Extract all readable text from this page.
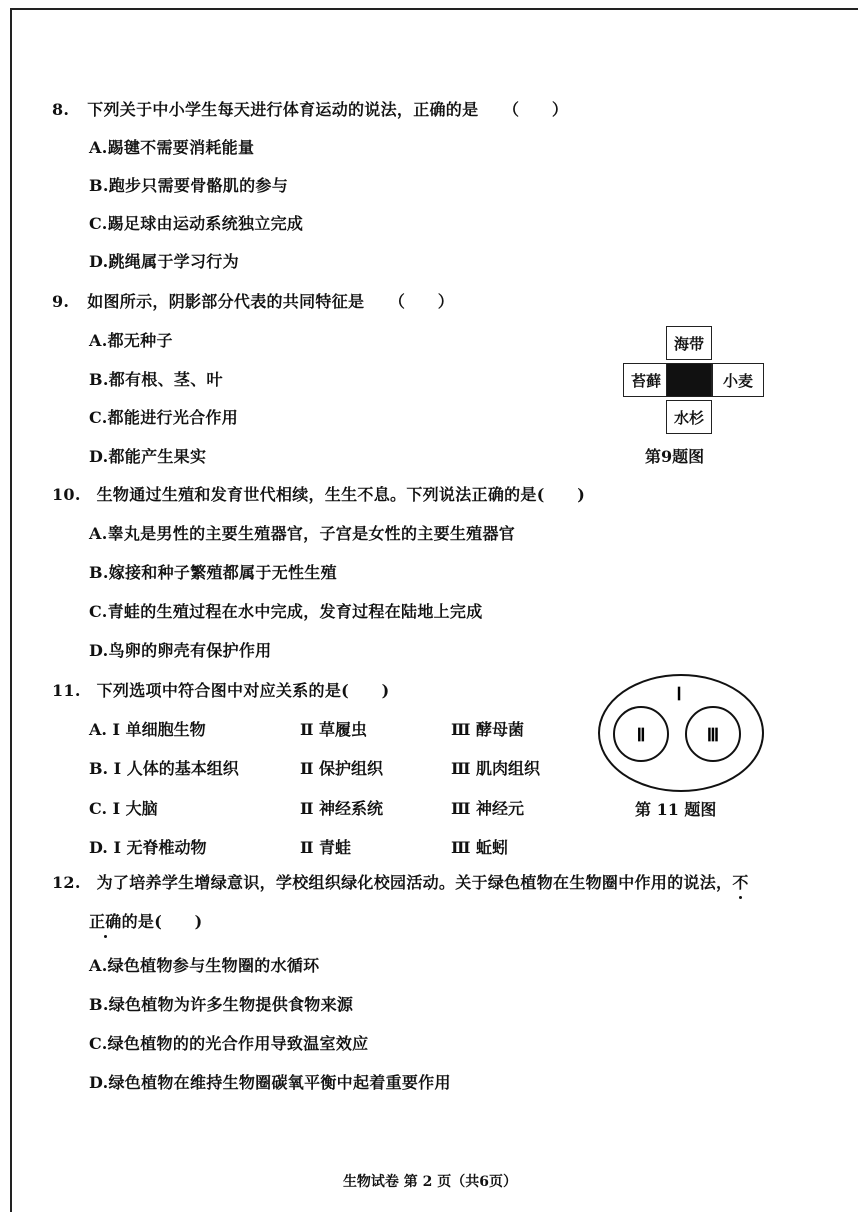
8. 下列关于中小学生每天进行体育运动的说法，正确的是　　（　　）
A.踢毽不需要消耗能量
B.跑步只需要骨骼肌的参与
C.踢足球由运动系统独立完成
D.跳绳属于学习行为
9. 如图所示，阴影部分代表的共同特征是　　（　　）
A.都无种子
B.都有根、茎、叶
C.都能进行光合作用
D.都能产生果实
海带
苔藓	小麦
水杉
第9题图
10. 生物通过生殖和发育世代相续，生生不息。下列说法正确的是(　　)
A.睾丸是男性的主要生殖器官，子宫是女性的主要生殖器官
B.嫁接和种子繁殖都属于无性生殖
C.青蛙的生殖过程在水中完成，发育过程在陆地上完成
D.鸟卵的卵壳有保护作用
11. 下列选项中符合图中对应关系的是(　　)
A. Ⅰ 单细胞生物	Ⅱ 草履虫	Ⅲ 酵母菌
B. Ⅰ 人体的基本组织	Ⅱ 保护组织	Ⅲ 肌肉组织
C. Ⅰ 大脑	Ⅱ 神经系统	Ⅲ 神经元
D. Ⅰ 无脊椎动物	Ⅱ 青蛙	Ⅲ 蚯蚓
Ⅰ
Ⅱ	Ⅲ
第 11 题图
12. 为了培养学生增绿意识，学校组织绿化校园活动。关于绿色植物在生物圈中作用的说法，不
正确的是(　　)
A.绿色植物参与生物圈的水循环
B.绿色植物为许多生物提供食物来源
C.绿色植物的的光合作用导致温室效应
D.绿色植物在维持生物圈碳氧平衡中起着重要作用
生物试卷 第 2 页（共6页）
